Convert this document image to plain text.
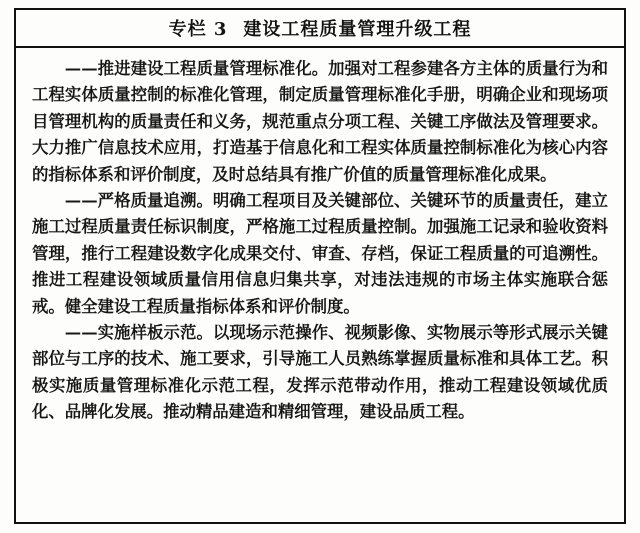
专栏 3 建设工程质量管理升级工程

——推进建设工程质量管理标准化。加强对工程参建各方主体的质量行为和工程实体质量控制的标准化管理，制定质量管理标准化手册，明确企业和现场项目管理机构的质量责任和义务，规范重点分项工程、关键工序做法及管理要求。大力推广信息技术应用，打造基于信息化和工程实体质量控制标准化为核心内容的指标体系和评价制度，及时总结具有推广价值的质量管理标准化成果。

——严格质量追溯。明确工程项目及关键部位、关键环节的质量责任，建立施工过程质量责任标识制度，严格施工过程质量控制。加强施工记录和验收资料管理，推行工程建设数字化成果交付、审查、存档，保证工程质量的可追溯性。推进工程建设领域质量信用信息归集共享，对违法违规的市场主体实施联合惩戒。健全建设工程质量指标体系和评价制度。

——实施样板示范。以现场示范操作、视频影像、实物展示等形式展示关键部位与工序的技术、施工要求，引导施工人员熟练掌握质量标准和具体工艺。积极实施质量管理标准化示范工程，发挥示范带动作用，推动工程建设领域优质化、品牌化发展。推动精品建造和精细管理，建设品质工程。
